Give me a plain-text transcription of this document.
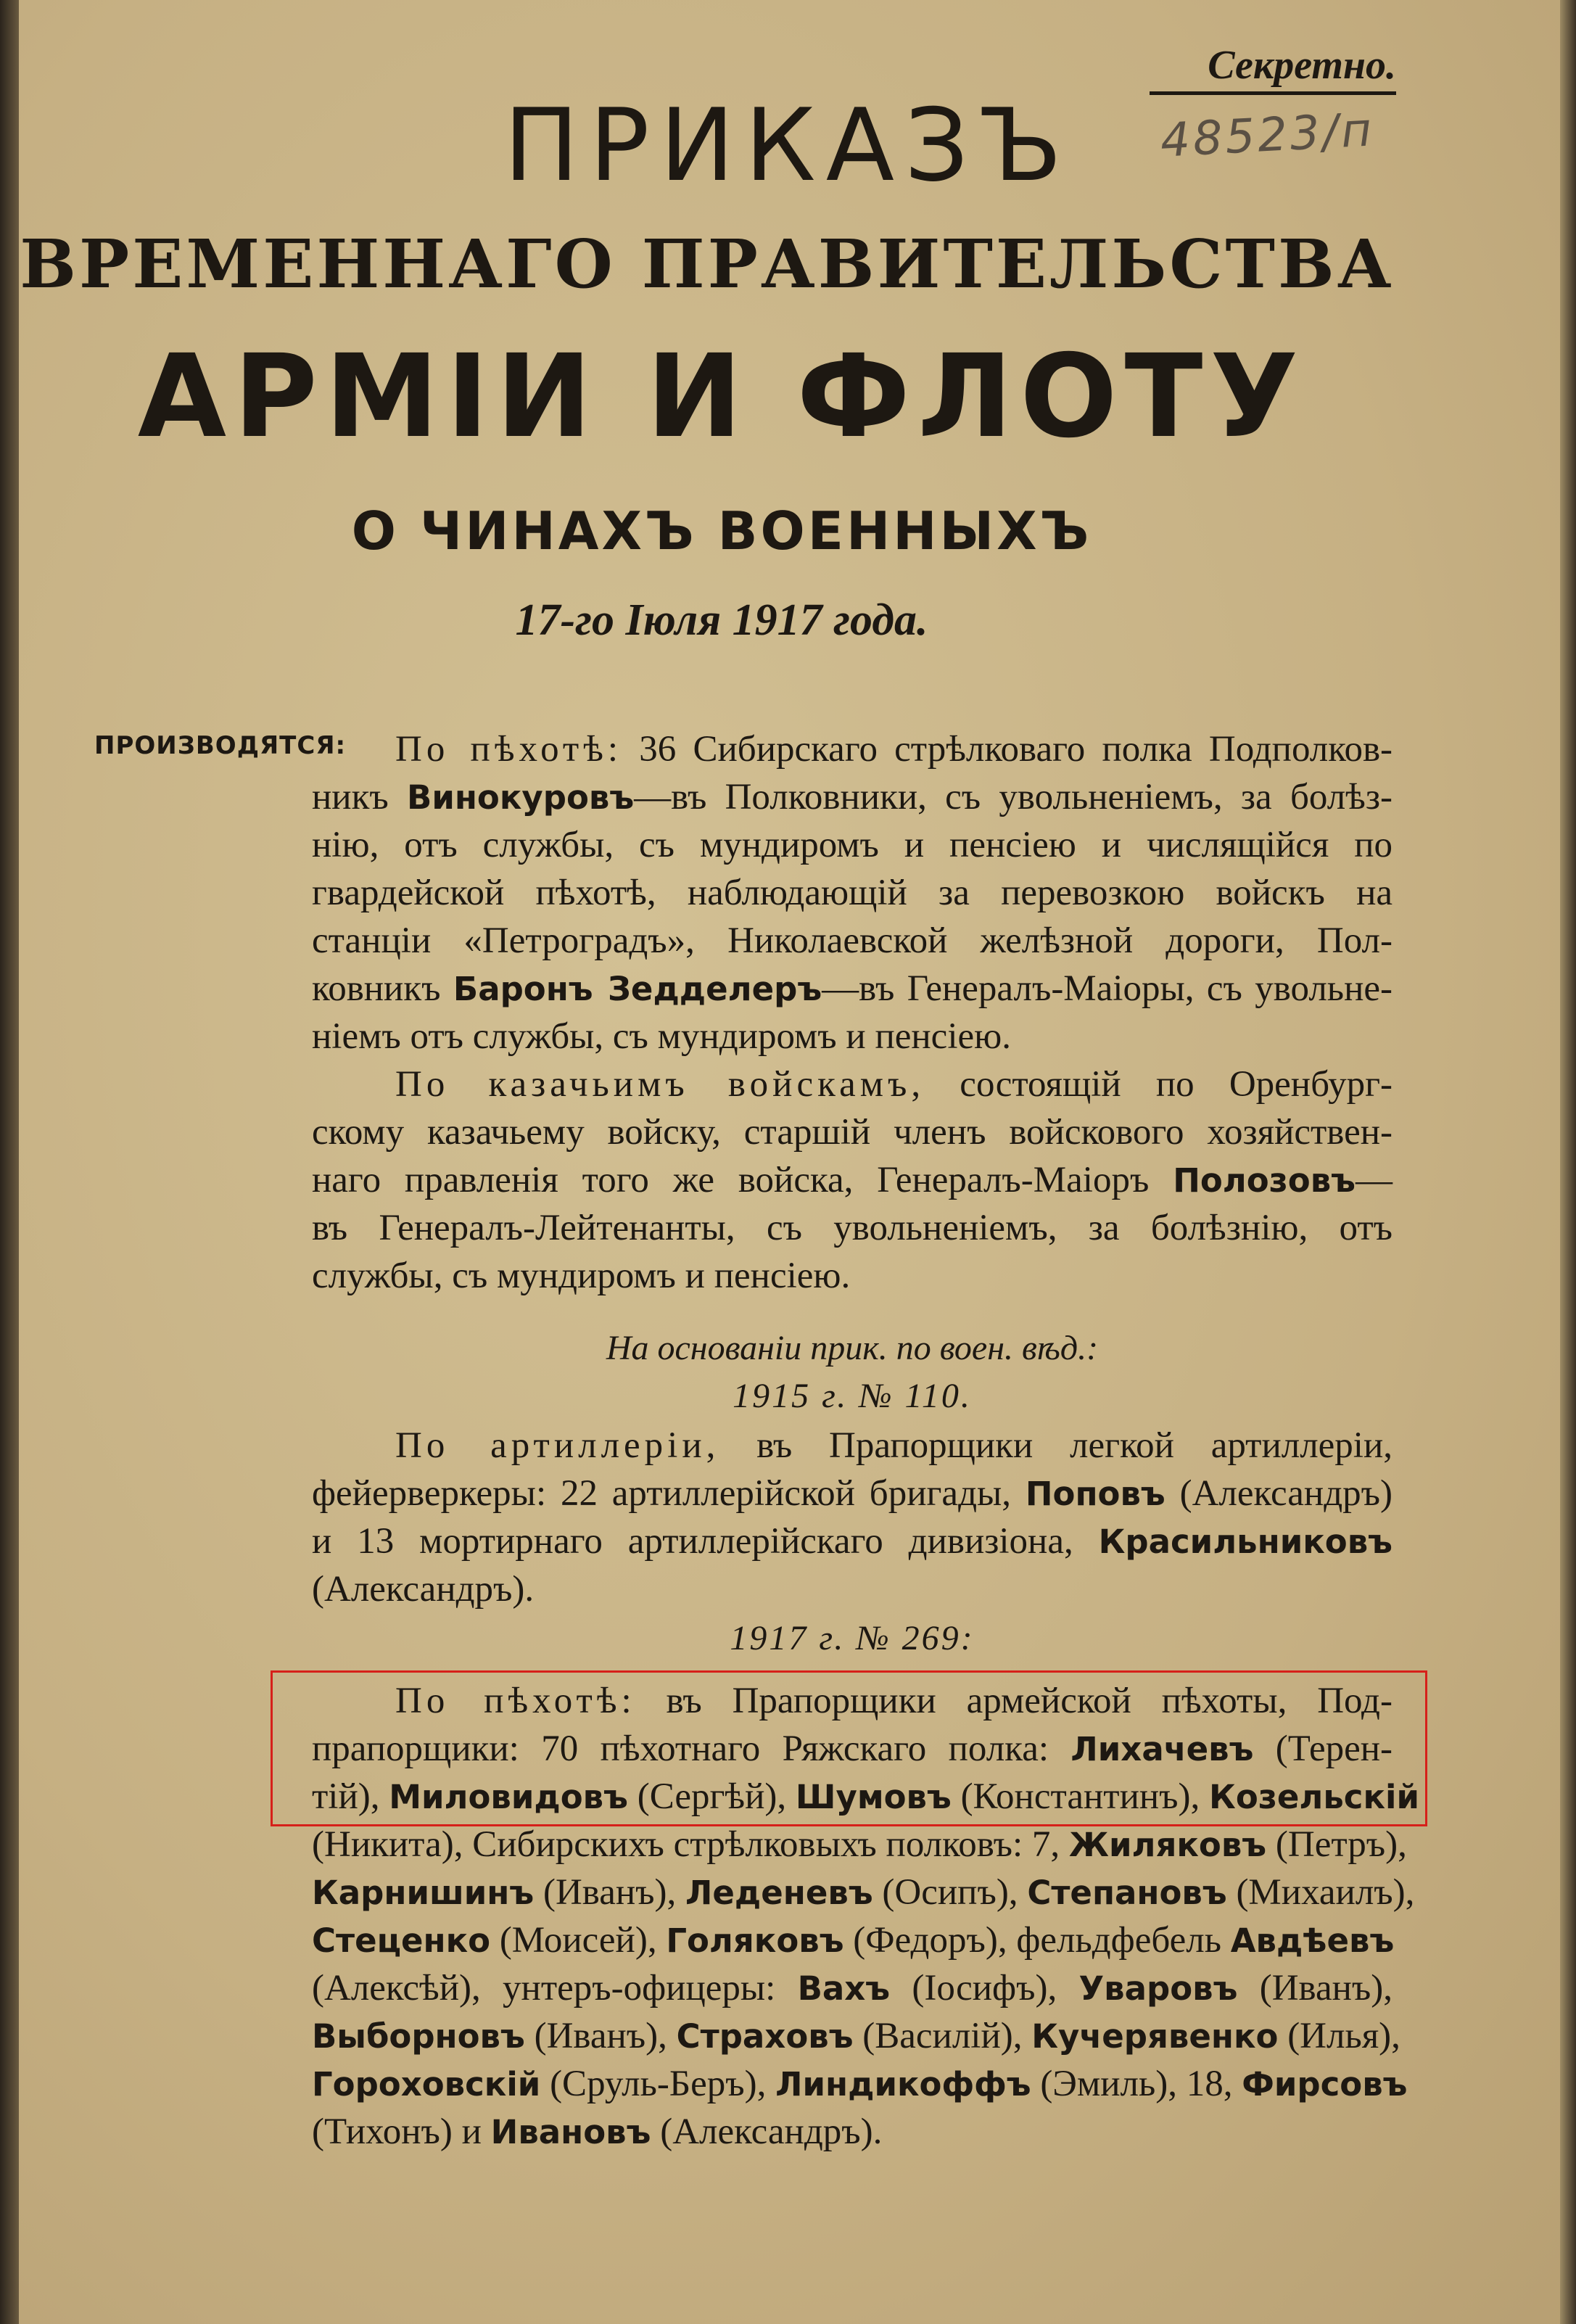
Секретно.
48523/п
ПРИКАЗЪ
ВРЕМЕННАГО ПРАВИТЕЛЬСТВА
АРМІИ И ФЛОТУ
О ЧИНАХЪ ВОЕННЫХЪ
17-го Іюля 1917 года.
ПРОИЗВОДЯТСЯ:	По пѣхотѣ: 36 Сибирскаго стрѣлковаго полка Подполков-
никъ Винокуровъ—въ Полковники, съ увольненіемъ, за болѣз-
нію, отъ службы, съ мундиромъ и пенсіею и числящійся по
гвардейской пѣхотѣ, наблюдающій за перевозкою войскъ на
станціи «Петроградъ», Николаевской желѣзной дороги, Пол-
ковникъ Баронъ Зедделеръ—въ Генералъ-Маіоры, съ увольне-
ніемъ отъ службы, съ мундиромъ и пенсіею.
По казачьимъ войскамъ, состоящій по Оренбург-
скому казачьему войску, старшій членъ войскового хозяйствен-
наго правленія того же войска, Генералъ-Маіоръ Полозовъ—
въ Генералъ-Лейтенанты, съ увольненіемъ, за болѣзнію, отъ
службы, съ мундиромъ и пенсіею.
На основаніи прик. по воен. вѣд.:
1915 г. № 110.
По артиллеріи, въ Прапорщики легкой артиллеріи,
фейерверкеры: 22 артиллерійской бригады, Поповъ (Александръ)
и 13 мортирнаго артиллерійскаго дивизіона, Красильниковъ
(Александръ).
1917 г. № 269:
По пѣхотѣ: въ Прапорщики армейской пѣхоты, Под-
прапорщики: 70 пѣхотнаго Ряжскаго полка: Лихачевъ (Терен-
тій), Миловидовъ (Сергѣй), Шумовъ (Константинъ), Козельскій
(Никита), Сибирскихъ стрѣлковыхъ полковъ: 7, Жиляковъ (Петръ),
Карнишинъ (Иванъ), Леденевъ (Осипъ), Степановъ (Михаилъ),
Стеценко (Моисей), Голяковъ (Федоръ), фельдфебель Авдѣевъ
(Алексѣй), унтеръ-офицеры: Вахъ (Іосифъ), Уваровъ (Иванъ),
Выборновъ (Иванъ), Страховъ (Василій), Кучерявенко (Илья),
Гороховскій (Сруль-Беръ), Линдикоффъ (Эмиль), 18, Фирсовъ
(Тихонъ) и Ивановъ (Александръ).
